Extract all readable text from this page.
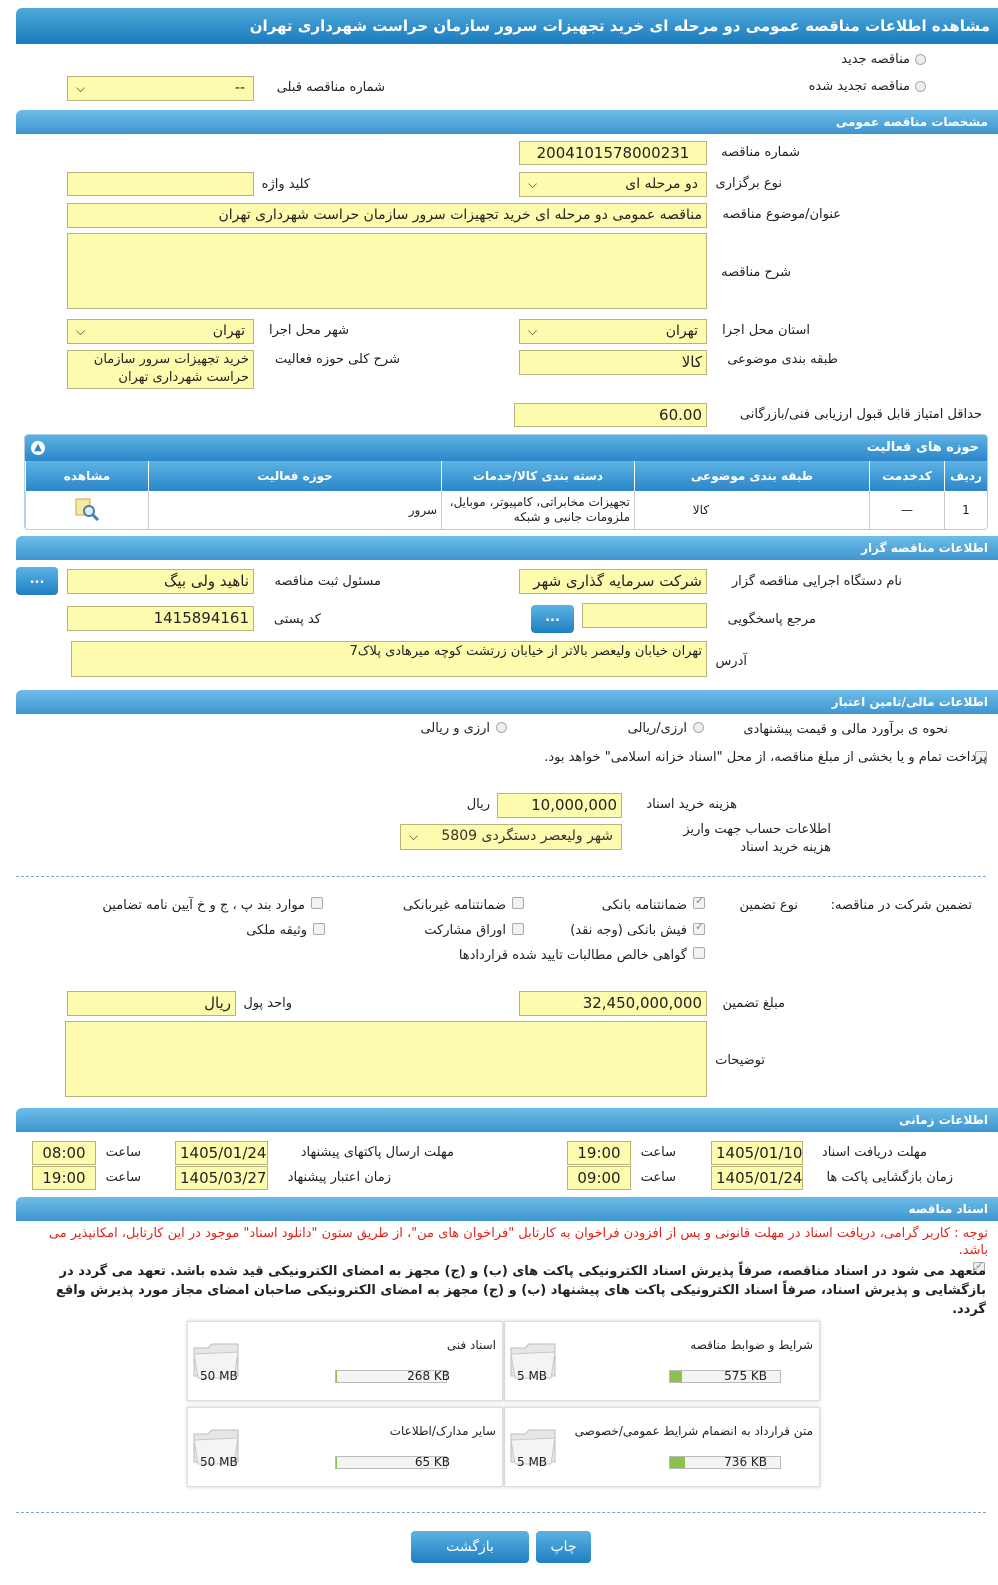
مشاهده اطلاعات مناقصه عمومی دو مرحله ای خرید تجهیزات سرور سازمان حراست شهرداری تهران
مناقصه جدید
مناقصه تجدید شده
شماره مناقصه قبلی
--
⌵
مشخصات مناقصه عمومی
شماره مناقصه
2004101578000231
نوع برگزاری
دو مرحله ای
⌵
کلید واژه
عنوان/موضوع مناقصه
مناقصه عمومی دو مرحله ای خرید تجهیزات سرور سازمان حراست شهرداری تهران
شرح مناقصه
استان محل اجرا
تهران
⌵
شهر محل اجرا
تهران
⌵
طبقه بندی موضوعی
کالا
شرح کلی حوزه فعالیت
خرید تجهیزات سرور سازمان حراست شهرداری تهران
حداقل امتیاز قابل قبول ارزیابی فنی/بازرگانی
60.00
حوزه های فعالیت
▲
ردیف	کدخدمت	طبقه بندی موضوعی	دسته بندی کالا/خدمات	حوزه فعالیت	مشاهده
1	—	کالا	تجهیزات مخابراتی، کامپیوتر، موبایل، ملزومات جانبی و شبکه	سرور	
اطلاعات مناقصه گزار
نام دستگاه اجرایی مناقصه گزار
شرکت سرمایه گذاری شهر
مسئول ثبت مناقصه
ناهید ولی بیگ
...
مرجع پاسخگویی
...
کد پستی
1415894161
آدرس
تهران خیابان ولیعصر بالاتر از خیابان زرتشت کوچه میرهادی پلاک7
اطلاعات مالی/تامین اعتبار
نحوه ی برآورد مالی و قیمت پیشنهادی
ارزی/ریالی
ارزی و ریالی
پرداخت تمام و یا بخشی از مبلغ مناقصه، از محل "اسناد خزانه اسلامی" خواهد بود.
هزینه خرید اسناد
10,000,000
ریال
اطلاعات حساب جهت واریز هزینه خرید اسناد
شهر ولیعصر دستگردی 5809
⌵
تضمین شرکت در مناقصه:
نوع تضمین
✓
ضمانتنامه بانکی
ضمانتنامه غیربانکی
موارد بند پ ، ج و خ آیین نامه تضامین
✓
فیش بانکی (وجه نقد)
اوراق مشارکت
وثیقه ملکی
گواهی خالص مطالبات تایید شده قراردادها
مبلغ تضمین
32,450,000,000
واحد پول
ریال
توضیحات
اطلاعات زمانی
مهلت دریافت اسناد
1405/01/10
ساعت
19:00
مهلت ارسال پاکتهای پیشنهاد
1405/01/24
ساعت
08:00
زمان بازگشایی پاکت ها
1405/01/24
ساعت
09:00
زمان اعتبار پیشنهاد
1405/03/27
ساعت
19:00
اسناد مناقصه
توجه : کاربر گرامی، دریافت اسناد در مهلت قانونی و پس از افزودن فراخوان به کارتابل "فراخوان های من"، از طریق ستون "دانلود اسناد" موجود در این کارتابل، امکانپذیر می باشد.
✓
متعهد می شود در اسناد مناقصه، صرفاً پذیرش اسناد الکترونیکی پاکت های (ب) و (ج) مجهز به امضای الکترونیکی قید شده باشد. تعهد می گردد در بازگشایی و پذیرش اسناد، صرفاً اسناد الکترونیکی پاکت های پیشنهاد (ب) و (ج) مجهز به امضای الکترونیکی صاحبان امضای مجاز مورد پذیرش واقع گردد.
شرایط و ضوابط مناقصه
5 MB	575 KB
اسناد فنی
50 MB	268 KB
متن قرارداد به انضمام شرایط عمومی/خصوصی
5 MB	736 KB
سایر مدارک/اطلاعات
50 MB	65 KB
چاپ
بازگشت
